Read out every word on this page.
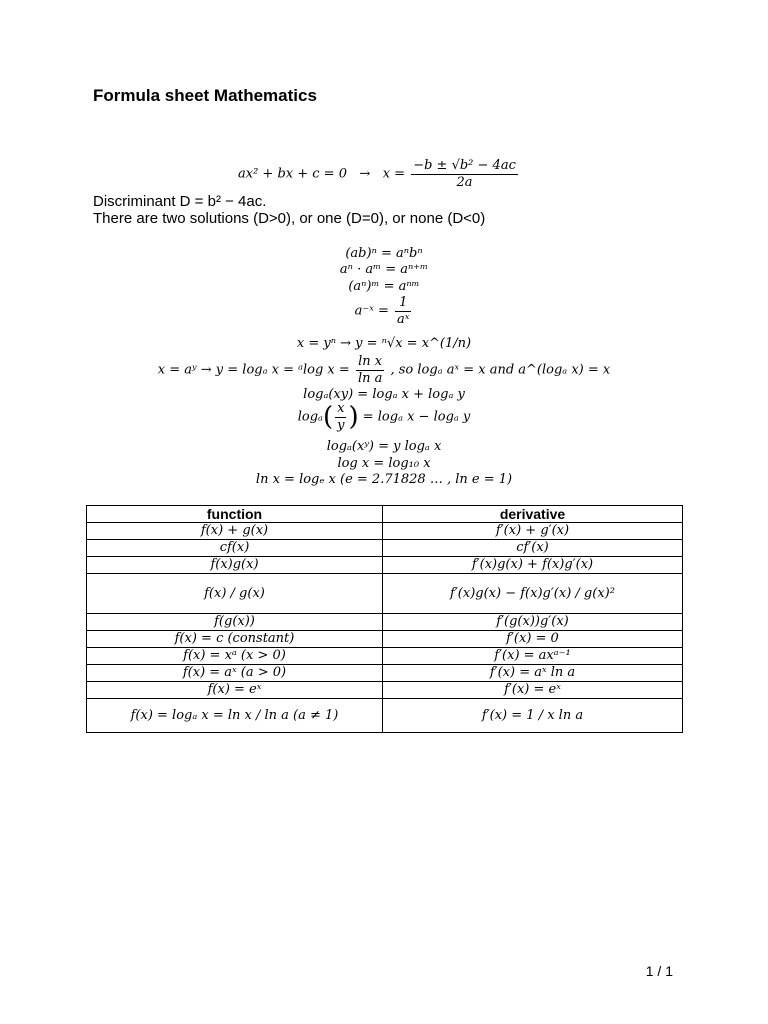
Formula sheet Mathematics
ax² + bx + $c = 0 \to x = \frac{\text{−b ± √b² − 4ac}}{2a}$
Discriminant D = b² − 4ac.
There are two solutions (D>0), or one (D=0), or none (D<0)
(ab)ⁿ = aⁿbⁿ
aⁿ · aᵐ = aⁿ⁺ᵐ
(aⁿ)ᵐ = aⁿᵐ
a⁻ˣ = $\frac{1}{\text{aˣ}}$
x = yⁿ → y = ⁿ√x = x^(1/n)
x = aʸ → y = logₐ x = ᵃlog $x = \frac{\text{ln x}}{\text{ln a}}$ , so logₐ aˣ = x and a^(logₐ x) = x
logₐ(xy) = logₐ x + logₐ y
$\log_a( \frac{x}{y}$ ) = logₐ x − logₐ y
logₐ(xʸ) = y logₐ x
log x = log₁₀ x
ln x = logₑ x (e = 2.71828 … , ln e = 1)
function	derivative
f(x) + g(x)	f′(x) + g′(x)
cf(x)	cf′(x)
f(x)g(x)	f′(x)g(x) + f(x)g′(x)
f(x) / g(x)	f′(x)g(x) − f(x)g′(x) / g(x)²
f(g(x))	f′(g(x))g′(x)
f(x) = c (constant)	f′(x) = 0
f(x) = xᵃ (x > 0)	f′(x) = axᵃ⁻¹
f(x) = aˣ (a > 0)	f′(x) = aˣ ln a
f(x) = eˣ	f′(x) = eˣ
f(x) = logₐ x = ln x / ln a (a ≠ 1)	f′(x) = 1 / x ln a
1 / 1
